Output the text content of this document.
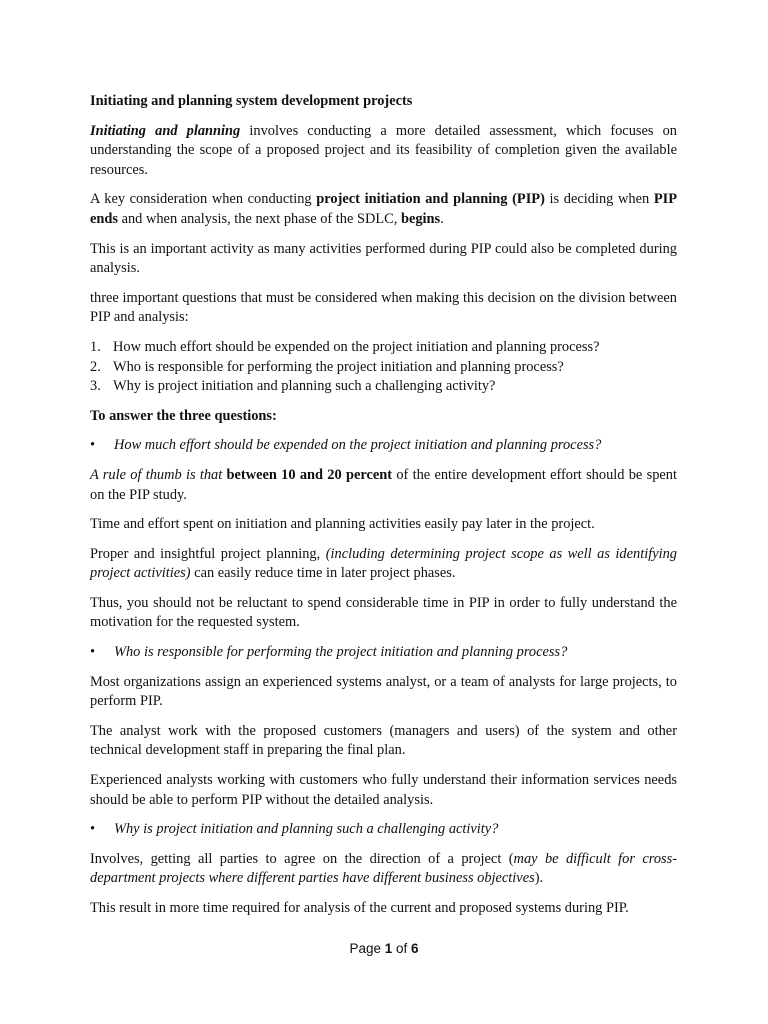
Initiating and planning system development projects

Initiating and planning involves conducting a more detailed assessment, which focuses on understanding the scope of a proposed project and its feasibility of completion given the available resources.

A key consideration when conducting project initiation and planning (PIP) is deciding when PIP ends and when analysis, the next phase of the SDLC, begins.

This is an important activity as many activities performed during PIP could also be completed during analysis.

three important questions that must be considered when making this decision on the division between PIP and analysis:

1. How much effort should be expended on the project initiation and planning process?
2. Who is responsible for performing the project initiation and planning process?
3. Why is project initiation and planning such a challenging activity?

To answer the three questions:

• How much effort should be expended on the project initiation and planning process?

A rule of thumb is that between 10 and 20 percent of the entire development effort should be spent on the PIP study.

Time and effort spent on initiation and planning activities easily pay later in the project.

Proper and insightful project planning, (including determining project scope as well as identifying project activities) can easily reduce time in later project phases.

Thus, you should not be reluctant to spend considerable time in PIP in order to fully understand the motivation for the requested system.

• Who is responsible for performing the project initiation and planning process?

Most organizations assign an experienced systems analyst, or a team of analysts for large projects, to perform PIP.

The analyst work with the proposed customers (managers and users) of the system and other technical development staff in preparing the final plan.

Experienced analysts working with customers who fully understand their information services needs should be able to perform PIP without the detailed analysis.

• Why is project initiation and planning such a challenging activity?

Involves, getting all parties to agree on the direction of a project (may be difficult for cross-department projects where different parties have different business objectives).

This result in more time required for analysis of the current and proposed systems during PIP.

Page 1 of 6
